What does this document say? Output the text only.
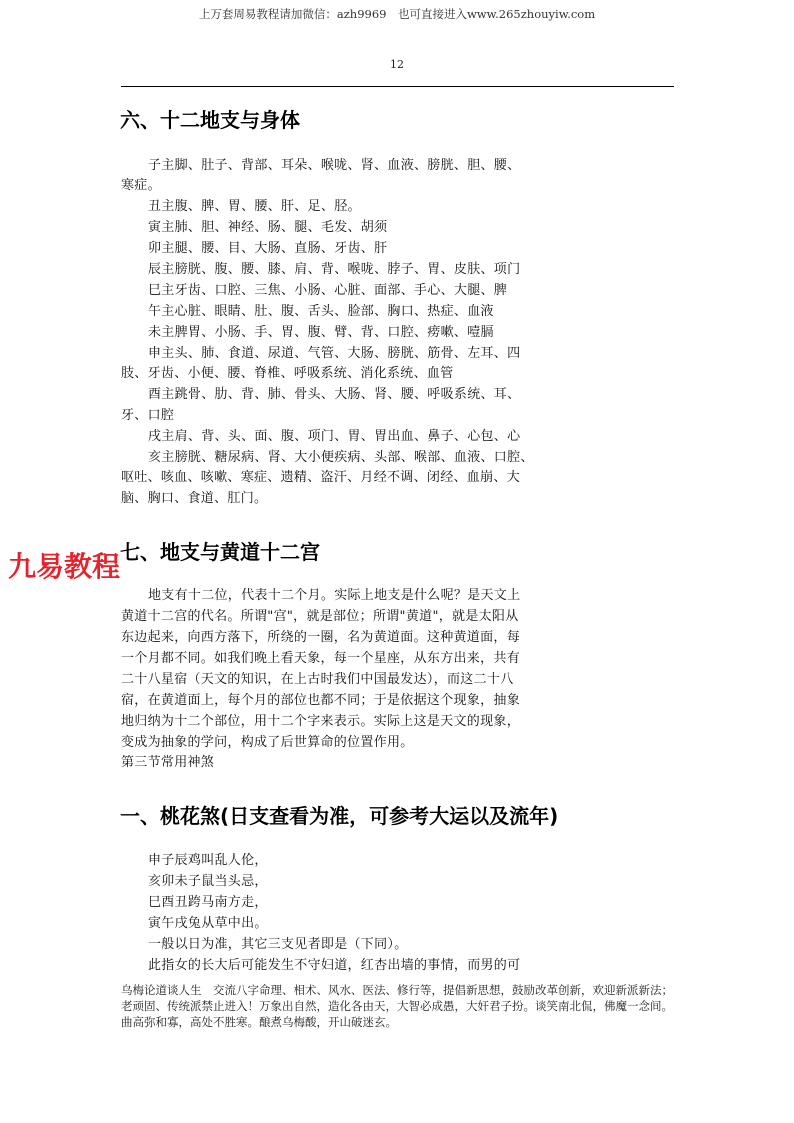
上万套周易教程请加微信：azh9969　也可直接进入www.265zhouyiw.com
12
六、十二地支与身体
子主脚、肚子、背部、耳朵、喉咙、肾、血液、膀胱、胆、腰、
寒症。
丑主腹、脾、胃、腰、肝、足、胫。
寅主肺、胆、神经、肠、腿、毛发、胡须
卯主腿、腰、目、大肠、直肠、牙齿、肝
辰主膀胱、腹、腰、膝、肩、背、喉咙、脖子、胃、皮肤、项门
巳主牙齿、口腔、三焦、小肠、心脏、面部、手心、大腿、脾
午主心脏、眼睛、肚、腹、舌头、脸部、胸口、热症、血液
未主脾胃、小肠、手、胃、腹、臂、背、口腔、痨嗽、噎膈
申主头、肺、食道、尿道、气管、大肠、膀胱、筋骨、左耳、四
肢、牙齿、小便、腰、脊椎、呼吸系统、消化系统、血管
酉主跳骨、肋、背、肺、骨头、大肠、肾、腰、呼吸系统、耳、
牙、口腔
戌主肩、背、头、面、腹、项门、胃、胃出血、鼻子、心包、心
亥主膀胱、糖尿病、肾、大小便疾病、头部、喉部、血液、口腔、
呕吐、咳血、咳嗽、寒症、遗精、盗汗、月经不调、闭经、血崩、大
脑、胸口、食道、肛门。
七、地支与黄道十二宫
地支有十二位，代表十二个月。实际上地支是什么呢？是天文上
黄道十二宫的代名。所谓"宫"，就是部位；所谓"黄道"，就是太阳从
东边起来，向西方落下，所绕的一圈，名为黄道面。这种黄道面，每
一个月都不同。如我们晚上看天象，每一个星座，从东方出来，共有
二十八星宿（天文的知识，在上古时我们中国最发达），而这二十八
宿，在黄道面上，每个月的部位也都不同；于是依据这个现象，抽象
地归纳为十二个部位，用十二个字来表示。实际上这是天文的现象，
变成为抽象的学问，构成了后世算命的位置作用。
第三节常用神煞
一、桃花煞(日支查看为准，可参考大运以及流年)
申子辰鸡叫乱人伦，
亥卯未子鼠当头忌，
巳酉丑跨马南方走，
寅午戌兔从草中出。
一般以日为准，其它三支见者即是（下同）。
此指女的长大后可能发生不守妇道，红杏出墙的事情，而男的可
乌梅论道谈人生　交流八字命理、相术、风水、医法、修行等，提倡新思想，鼓励改革创新，欢迎新派新法；老顽固、传统派禁止进入！万象出自然，造化各由天，大智必成愚，大奸君子扮。谈笑南北侃，佛魔一念间。曲高弥和寡，高处不胜寒。酿煮乌梅酸，开山破迷玄。
九易教程
